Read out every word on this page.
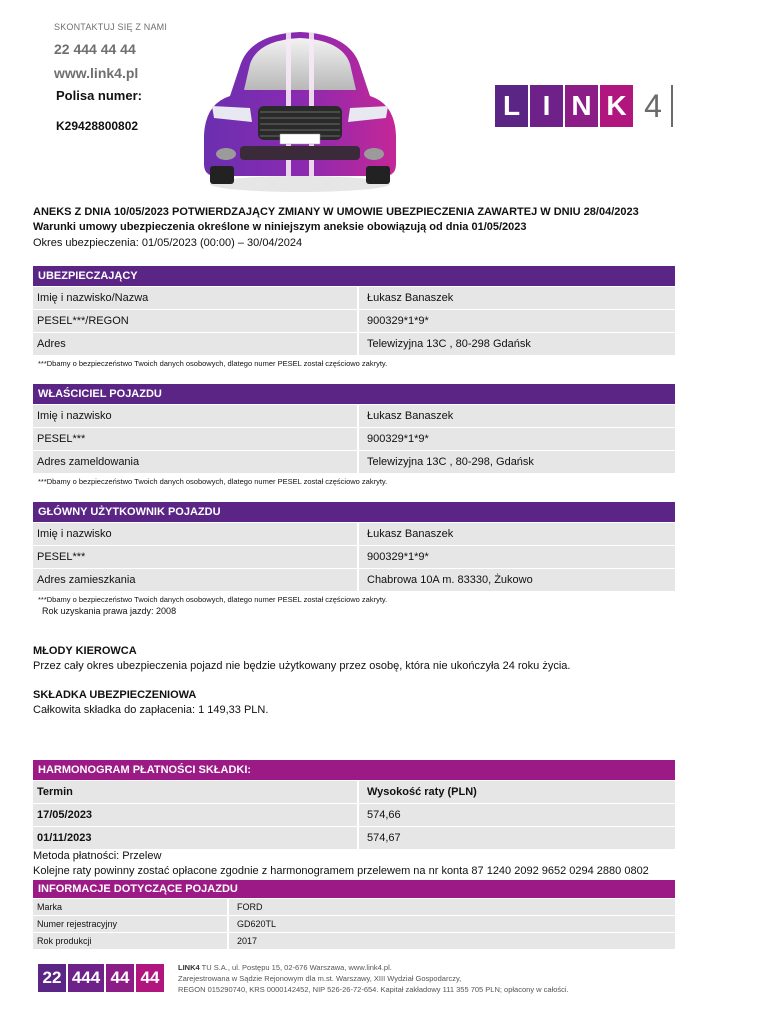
SKONTAKTUJ SIĘ Z NAMI
22 444 44 44
www.link4.pl
Polisa numer:
K29428800802
L I N K 4
ANEKS Z DNIA 10/05/2023 POTWIERDZAJĄCY ZMIANY W UMOWIE UBEZPIECZENIA ZAWARTEJ W DNIU 28/04/2023
Warunki umowy ubezpieczenia określone w niniejszym aneksie obowiązują od dnia 01/05/2023
Okres ubezpieczenia: 01/05/2023 (00:00) – 30/04/2024
UBEZPIECZAJĄCY
Imię i nazwisko/Nazwa	Łukasz Banaszek
PESEL***/REGON	900329*1*9*
Adres	Telewizyjna 13C , 80-298 Gdańsk
***Dbamy o bezpieczeństwo Twoich danych osobowych, dlatego numer PESEL został częściowo zakryty.
WŁAŚCICIEL POJAZDU
Imię i nazwisko	Łukasz Banaszek
PESEL***	900329*1*9*
Adres zameldowania	Telewizyjna 13C , 80-298, Gdańsk
***Dbamy o bezpieczeństwo Twoich danych osobowych, dlatego numer PESEL został częściowo zakryty.
GŁÓWNY UŻYTKOWNIK POJAZDU
Imię i nazwisko	Łukasz Banaszek
PESEL***	900329*1*9*
Adres zamieszkania	Chabrowa 10A m. 83330, Żukowo
***Dbamy o bezpieczeństwo Twoich danych osobowych, dlatego numer PESEL został częściowo zakryty.
Rok uzyskania prawa jazdy: 2008
MŁODY KIEROWCA
Przez cały okres ubezpieczenia pojazd nie będzie użytkowany przez osobę, która nie ukończyła 24 roku życia.
SKŁADKA UBEZPIECZENIOWA
Całkowita składka do zapłacenia: 1 149,33 PLN.
HARMONOGRAM PŁATNOŚCI SKŁADKI:
Termin	Wysokość raty (PLN)
17/05/2023	574,66
01/11/2023	574,67
Metoda płatności: Przelew
Kolejne raty powinny zostać opłacone zgodnie z harmonogramem przelewem na nr konta 87 1240 2092 9652 0294 2880 0802
INFORMACJE DOTYCZĄCE POJAZDU
Marka	FORD
Numer rejestracyjny	GD620TL
Rok produkcji	2017
22 444 44 44
LINK4 TU S.A., ul. Postępu 15, 02-676 Warszawa, www.link4.pl.
Zarejestrowana w Sądzie Rejonowym dla m.st. Warszawy, XIII Wydział Gospodarczy,
REGON 015290740, KRS 0000142452, NIP 526-26-72-654. Kapitał zakładowy 111 355 705 PLN; opłacony w całości.
